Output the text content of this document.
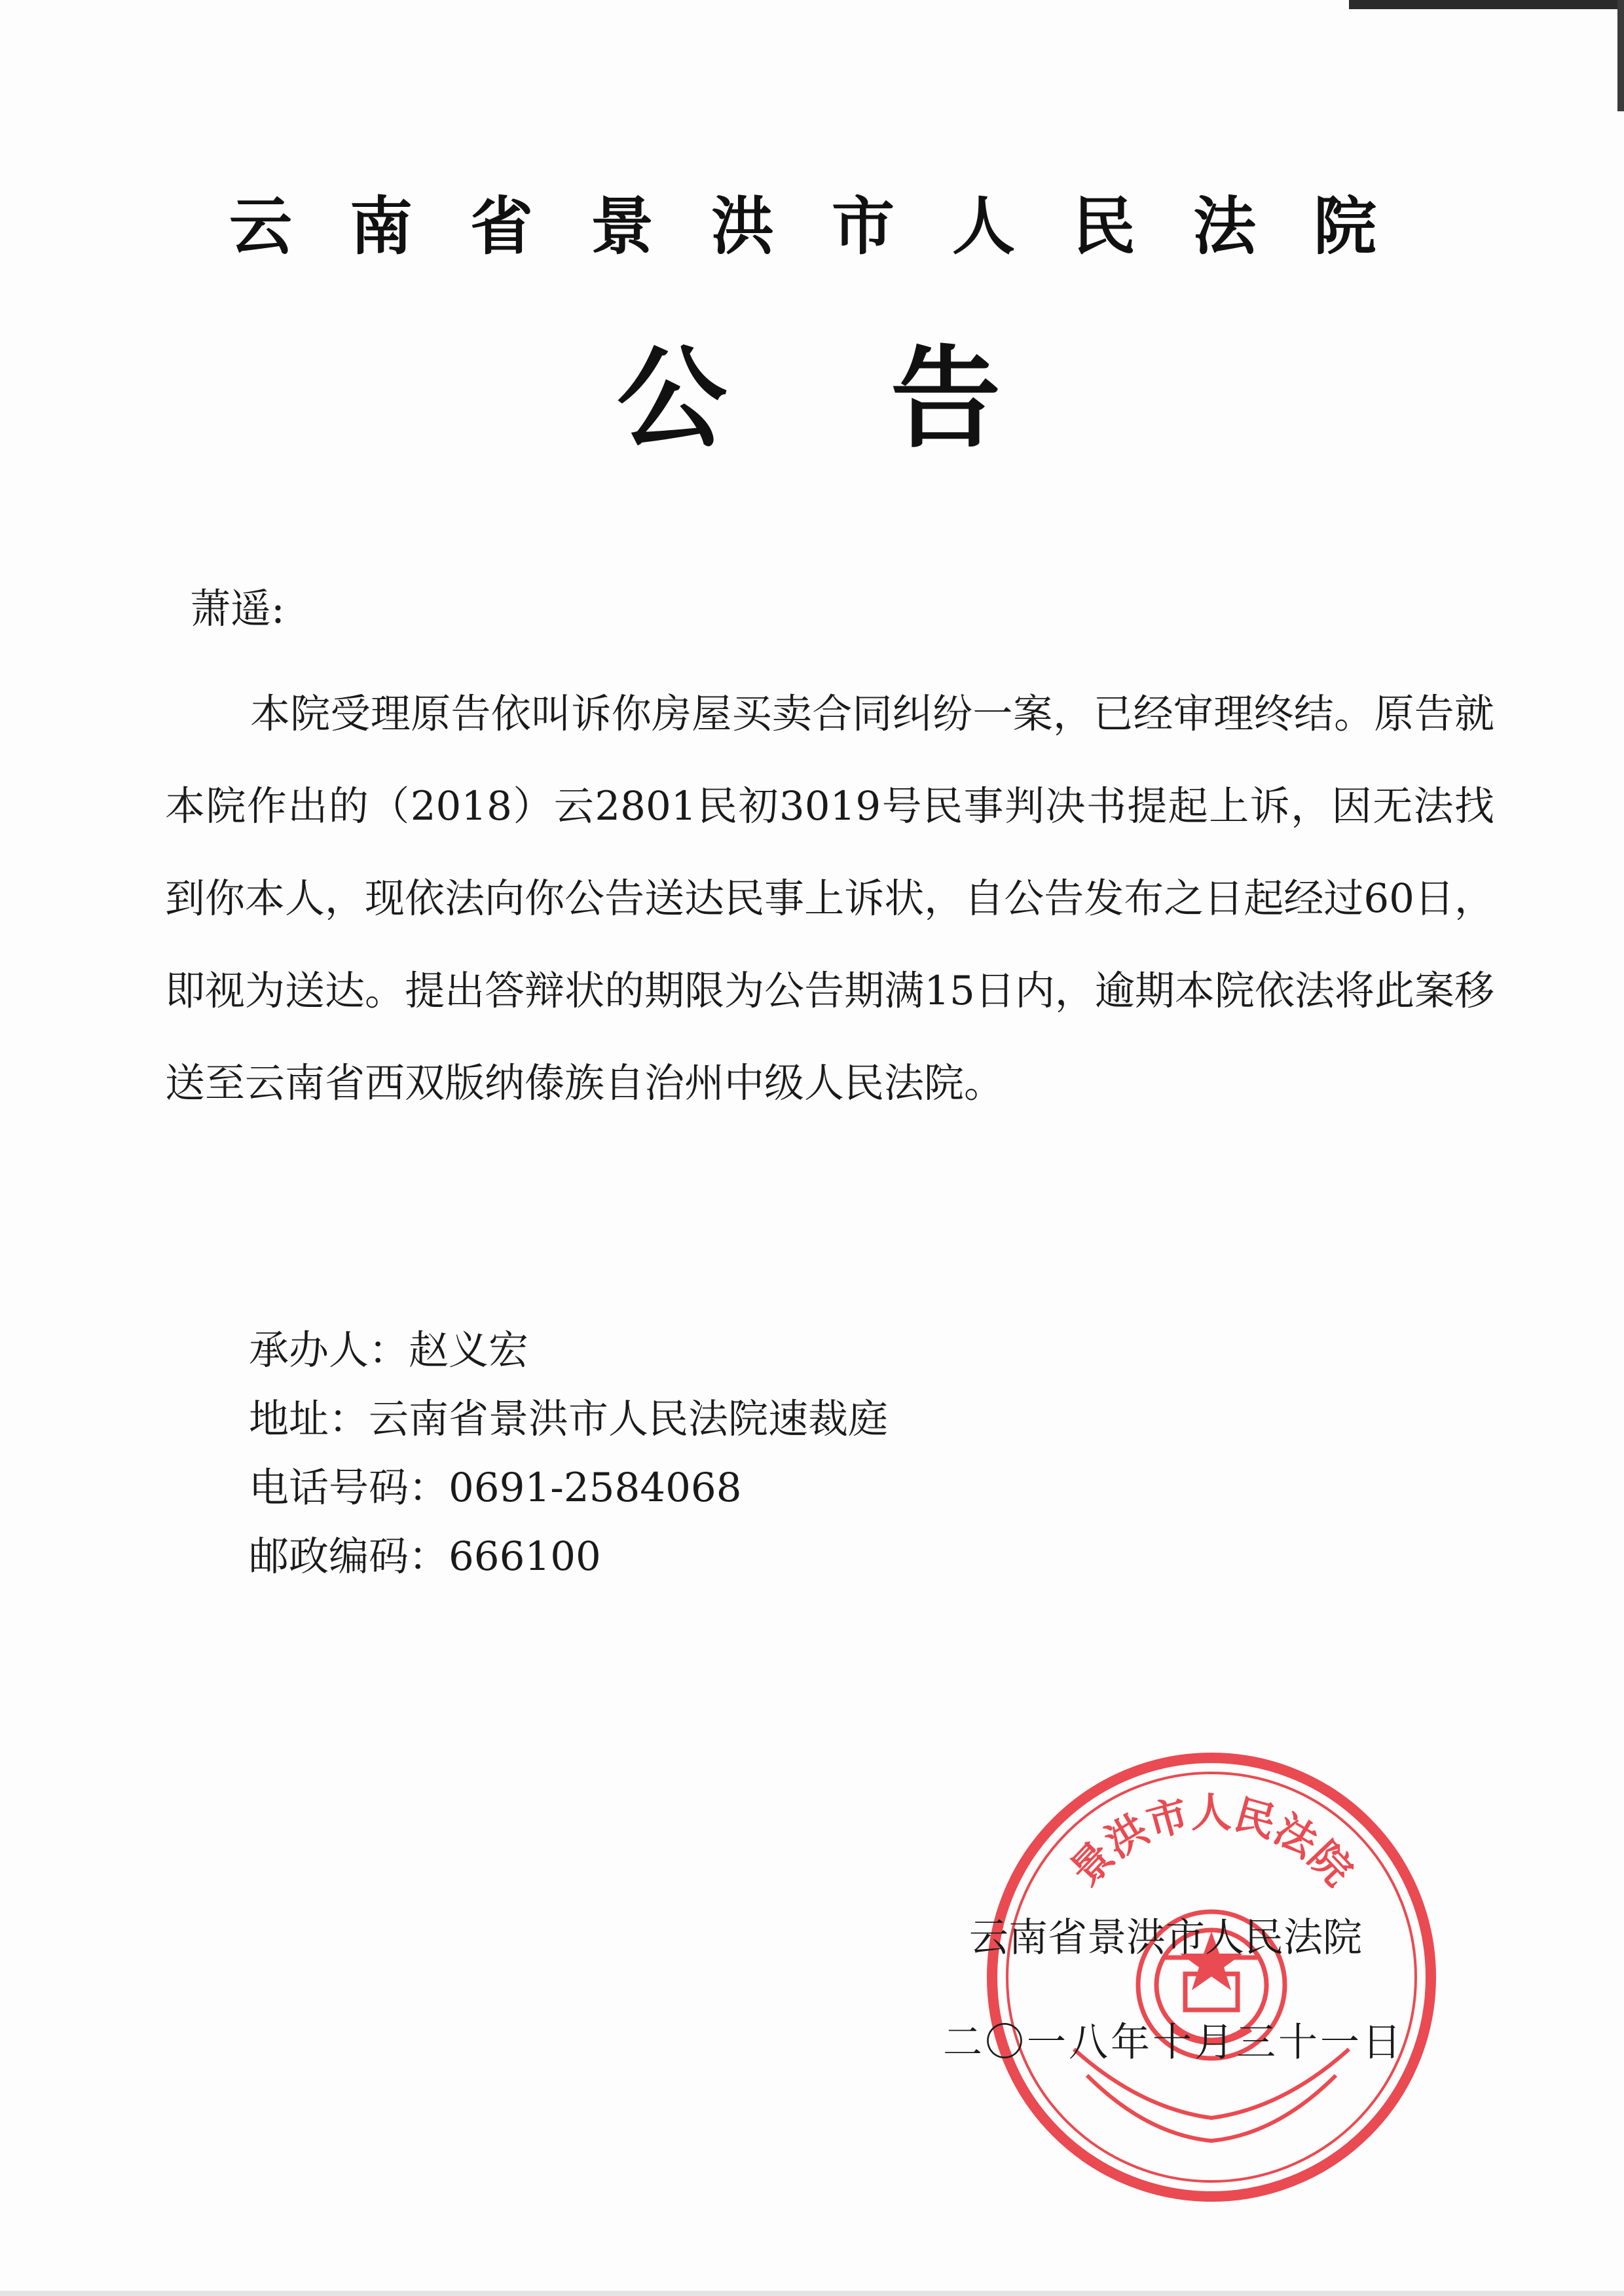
云南省景洪市人民法院
公告
萧遥:

本院受理原告依叫诉你房屋买卖合同纠纷一案，已经审理终结。原告就本院作出的（2018）云2801民初3019号民事判决书提起上诉，因无法找到你本人，现依法向你公告送达民事上诉状，自公告发布之日起经过60日，即视为送达。提出答辩状的期限为公告期满15日内，逾期本院依法将此案移送至云南省西双版纳傣族自治州中级人民法院。

承办人：赵义宏
地址：云南省景洪市人民法院速裁庭
电话号码：0691-2584068
邮政编码：666100
景洪市人民法院
云南省景洪市人民法院
二〇一八年十月三十一日
